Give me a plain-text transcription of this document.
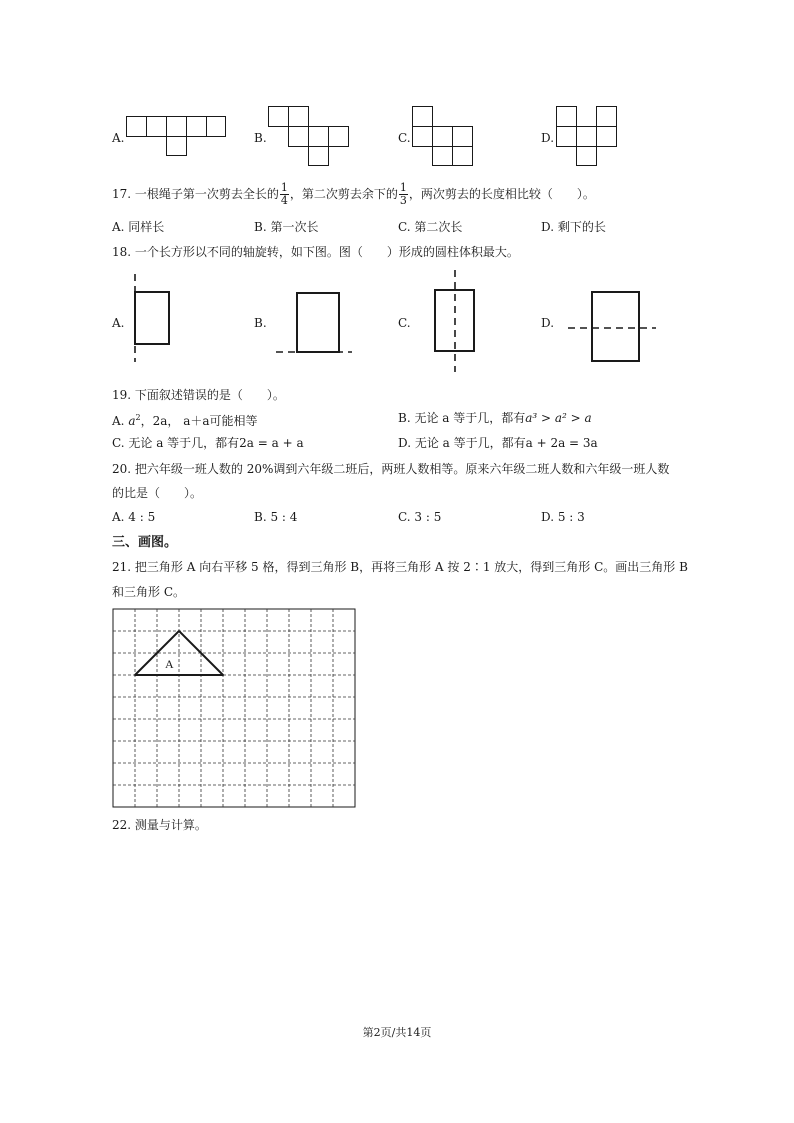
A.	B.	C.	D.
17. 一根绳子第一次剪去全长的 $\frac{1}{4}$ ，第二次剪去余下的 $\frac{1}{3}$ ，两次剪去的长度相比较（　　）。
A. 同样长	B. 第一次长	C. 第二次长	D. 剩下的长
18. 一个长方形以不同的轴旋转，如下图。图（　　）形成的圆柱体积最大。
A.	B.	C.	D.
19. 下面叙述错误的是（　　）。
A. $a^2$，2a， a＋a可能相等	B. 无论 a 等于几，都有a³ > a² > a
C. 无论 a 等于几，都有2a = a + a	D. 无论 a 等于几，都有a + 2a = 3a
20. 把六年级一班人数的 20%调到六年级二班后，两班人数相等。原来六年级二班人数和六年级一班人数
的比是（　　）。
A. 4 : 5	B. 5 : 4	C. 3 : 5	D. 5 : 3
三、画图。
21. 把三角形 A 向右平移 5 格，得到三角形 B，再将三角形 A 按 2∶1 放大，得到三角形 C。画出三角形 B
和三角形 C。
A
22. 测量与计算。
第2页/共14页
